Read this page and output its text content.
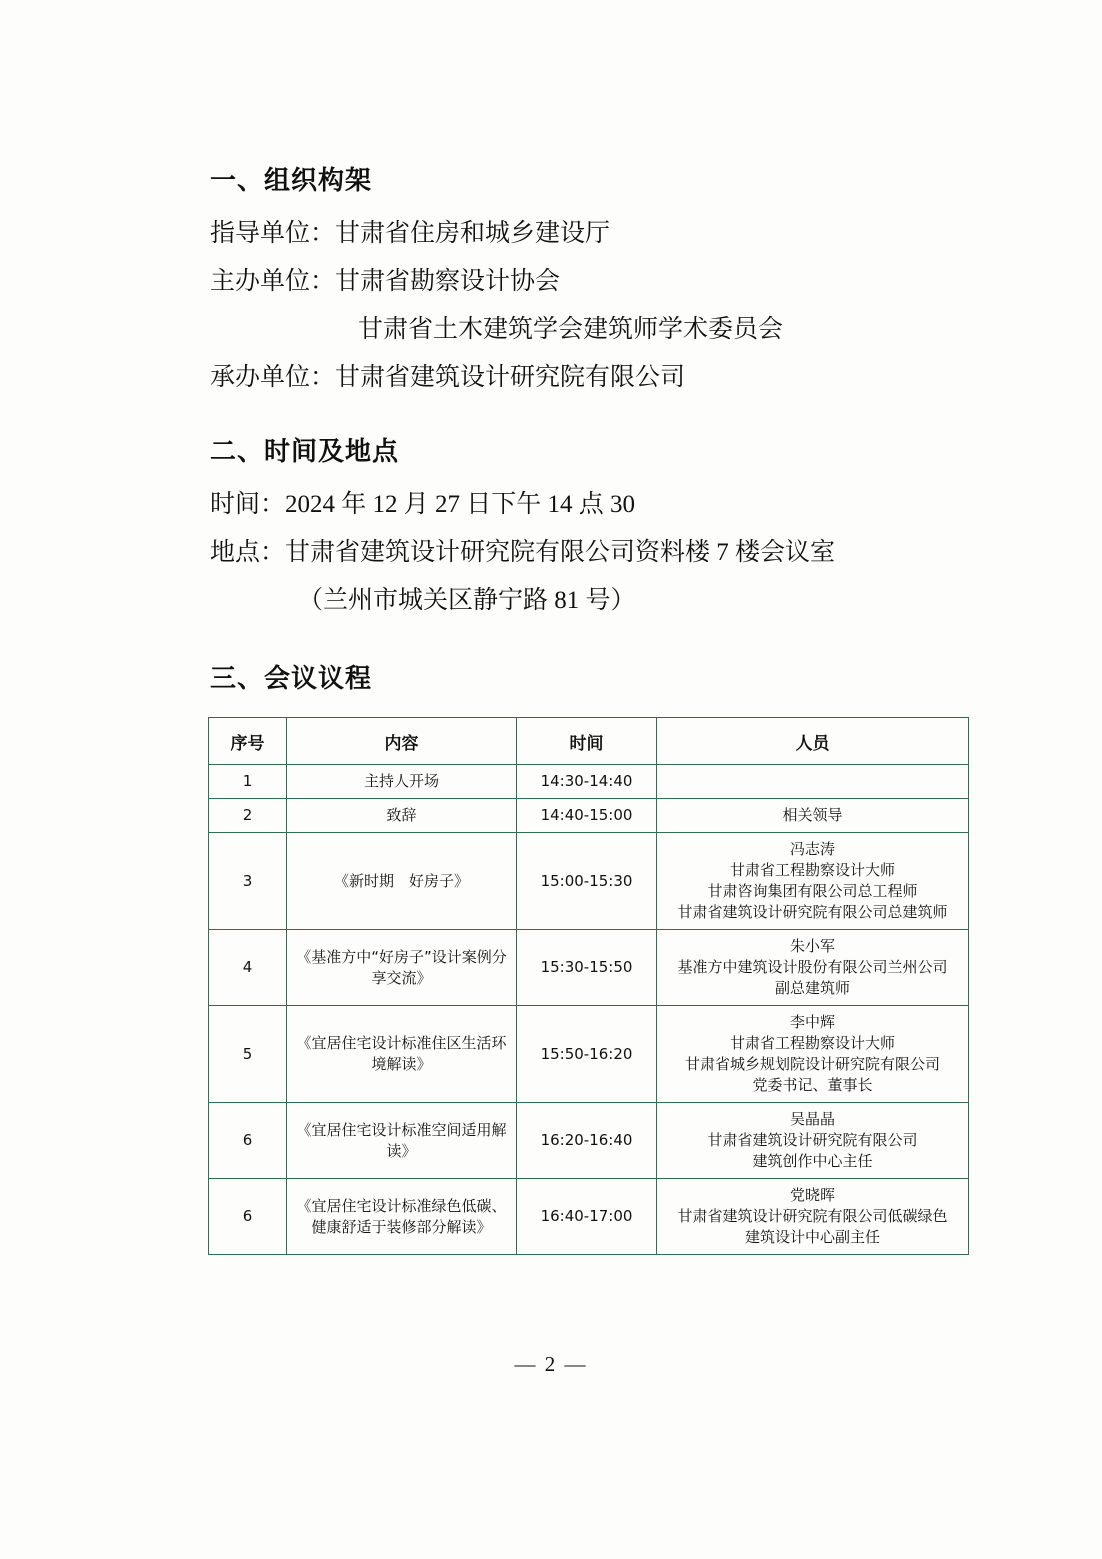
一、组织构架

指导单位：甘肃省住房和城乡建设厅

主办单位：甘肃省勘察设计协会

甘肃省土木建筑学会建筑师学术委员会

承办单位：甘肃省建筑设计研究院有限公司

二、时间及地点

时间：2024 年 12 月 27 日下午 14 点 30

地点：甘肃省建筑设计研究院有限公司资料楼 7 楼会议室

（兰州市城关区静宁路 81 号）

三、会议议程
序号	内容	时间	人员
1	主持人开场	14:30-14:40	
2	致辞	14:40-15:00	相关领导
3	《新时期　好房子》	15:00-15:30	冯志涛
甘肃省工程勘察设计大师
甘肃咨询集团有限公司总工程师
甘肃省建筑设计研究院有限公司总建筑师
4	《基准方中“好房子”设计案例分享交流》	15:30-15:50	朱小军
基准方中建筑设计股份有限公司兰州公司
副总建筑师
5	《宜居住宅设计标准住区生活环境解读》	15:50-16:20	李中辉
甘肃省工程勘察设计大师
甘肃省城乡规划院设计研究院有限公司
党委书记、董事长
6	《宜居住宅设计标准空间适用解读》	16:20-16:40	吴晶晶
甘肃省建筑设计研究院有限公司
建筑创作中心主任
6	《宜居住宅设计标准绿色低碳、健康舒适于装修部分解读》	16:40-17:00	党晓晖
甘肃省建筑设计研究院有限公司低碳绿色
建筑设计中心副主任
— 2 —
